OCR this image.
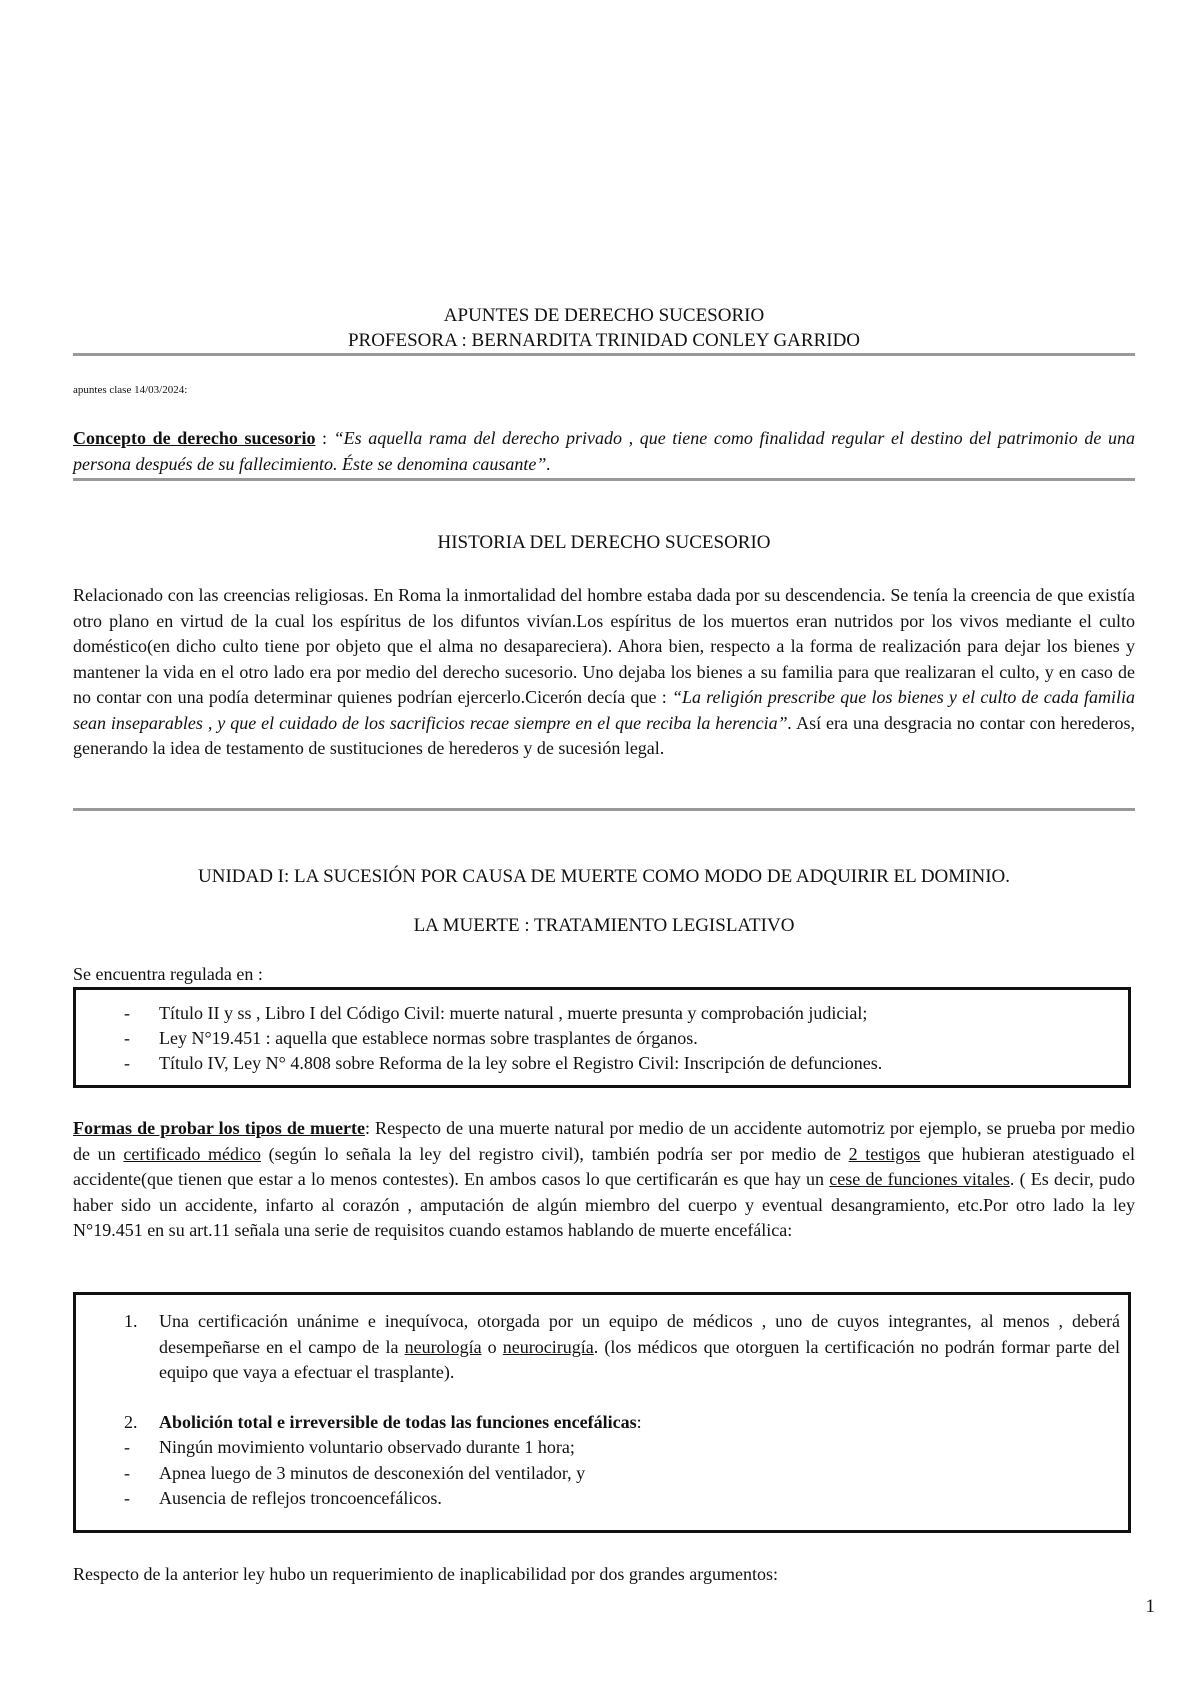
APUNTES DE DERECHO SUCESORIO
PROFESORA : BERNARDITA TRINIDAD CONLEY GARRIDO
apuntes clase 14/03/2024:
Concepto de derecho sucesorio : “Es aquella rama del derecho privado , que tiene como finalidad regular el destino del patrimonio de una persona después de su fallecimiento. Éste se denomina causante”.
HISTORIA DEL DERECHO SUCESORIO
Relacionado con las creencias religiosas. En Roma la inmortalidad del hombre estaba dada por su descendencia. Se tenía la creencia de que existía otro plano en virtud de la cual los espíritus de los difuntos vivían.Los espíritus de los muertos eran nutridos por los vivos mediante el culto doméstico(en dicho culto tiene por objeto que el alma no desapareciera). Ahora bien, respecto a la forma de realización para dejar los bienes y mantener la vida en el otro lado era por medio del derecho sucesorio. Uno dejaba los bienes a su familia para que realizaran el culto, y en caso de no contar con una podía determinar quienes podrían ejercerlo.Cicerón decía que : “La religión prescribe que los bienes y el culto de cada familia sean inseparables , y que el cuidado de los sacrificios recae siempre en el que reciba la herencia”. Así era una desgracia no contar con herederos, generando la idea de testamento de sustituciones de herederos y de sucesión legal.
UNIDAD I: LA SUCESIÓN POR CAUSA DE MUERTE COMO MODO DE ADQUIRIR EL DOMINIO.
LA MUERTE : TRATAMIENTO LEGISLATIVO
Se encuentra regulada en :
- Título II y ss , Libro I del Código Civil: muerte natural , muerte presunta y comprobación judicial;
- Ley N°19.451 : aquella que establece normas sobre trasplantes de órganos.
- Título IV, Ley N° 4.808 sobre Reforma de la ley sobre el Registro Civil: Inscripción de defunciones.
Formas de probar los tipos de muerte: Respecto de una muerte natural por medio de un accidente automotriz por ejemplo, se prueba por medio de un certificado médico (según lo señala la ley del registro civil), también podría ser por medio de 2 testigos que hubieran atestiguado el accidente(que tienen que estar a lo menos contestes). En ambos casos lo que certificarán es que hay un cese de funciones vitales. ( Es decir, pudo haber sido un accidente, infarto al corazón , amputación de algún miembro del cuerpo y eventual desangramiento, etc.Por otro lado la ley N°19.451 en su art.11 señala una serie de requisitos cuando estamos hablando de muerte encefálica:
1. Una certificación unánime e inequívoca, otorgada por un equipo de médicos , uno de cuyos integrantes, al menos , deberá desempeñarse en el campo de la neurología o neurocirugía. (los médicos que otorguen la certificación no podrán formar parte del equipo que vaya a efectuar el trasplante).
2. Abolición total e irreversible de todas las funciones encefálicas:
- Ningún movimiento voluntario observado durante 1 hora;
- Apnea luego de 3 minutos de desconexión del ventilador, y
- Ausencia de reflejos troncoencefálicos.
Respecto de la anterior ley hubo un requerimiento de inaplicabilidad por dos grandes argumentos:
1
